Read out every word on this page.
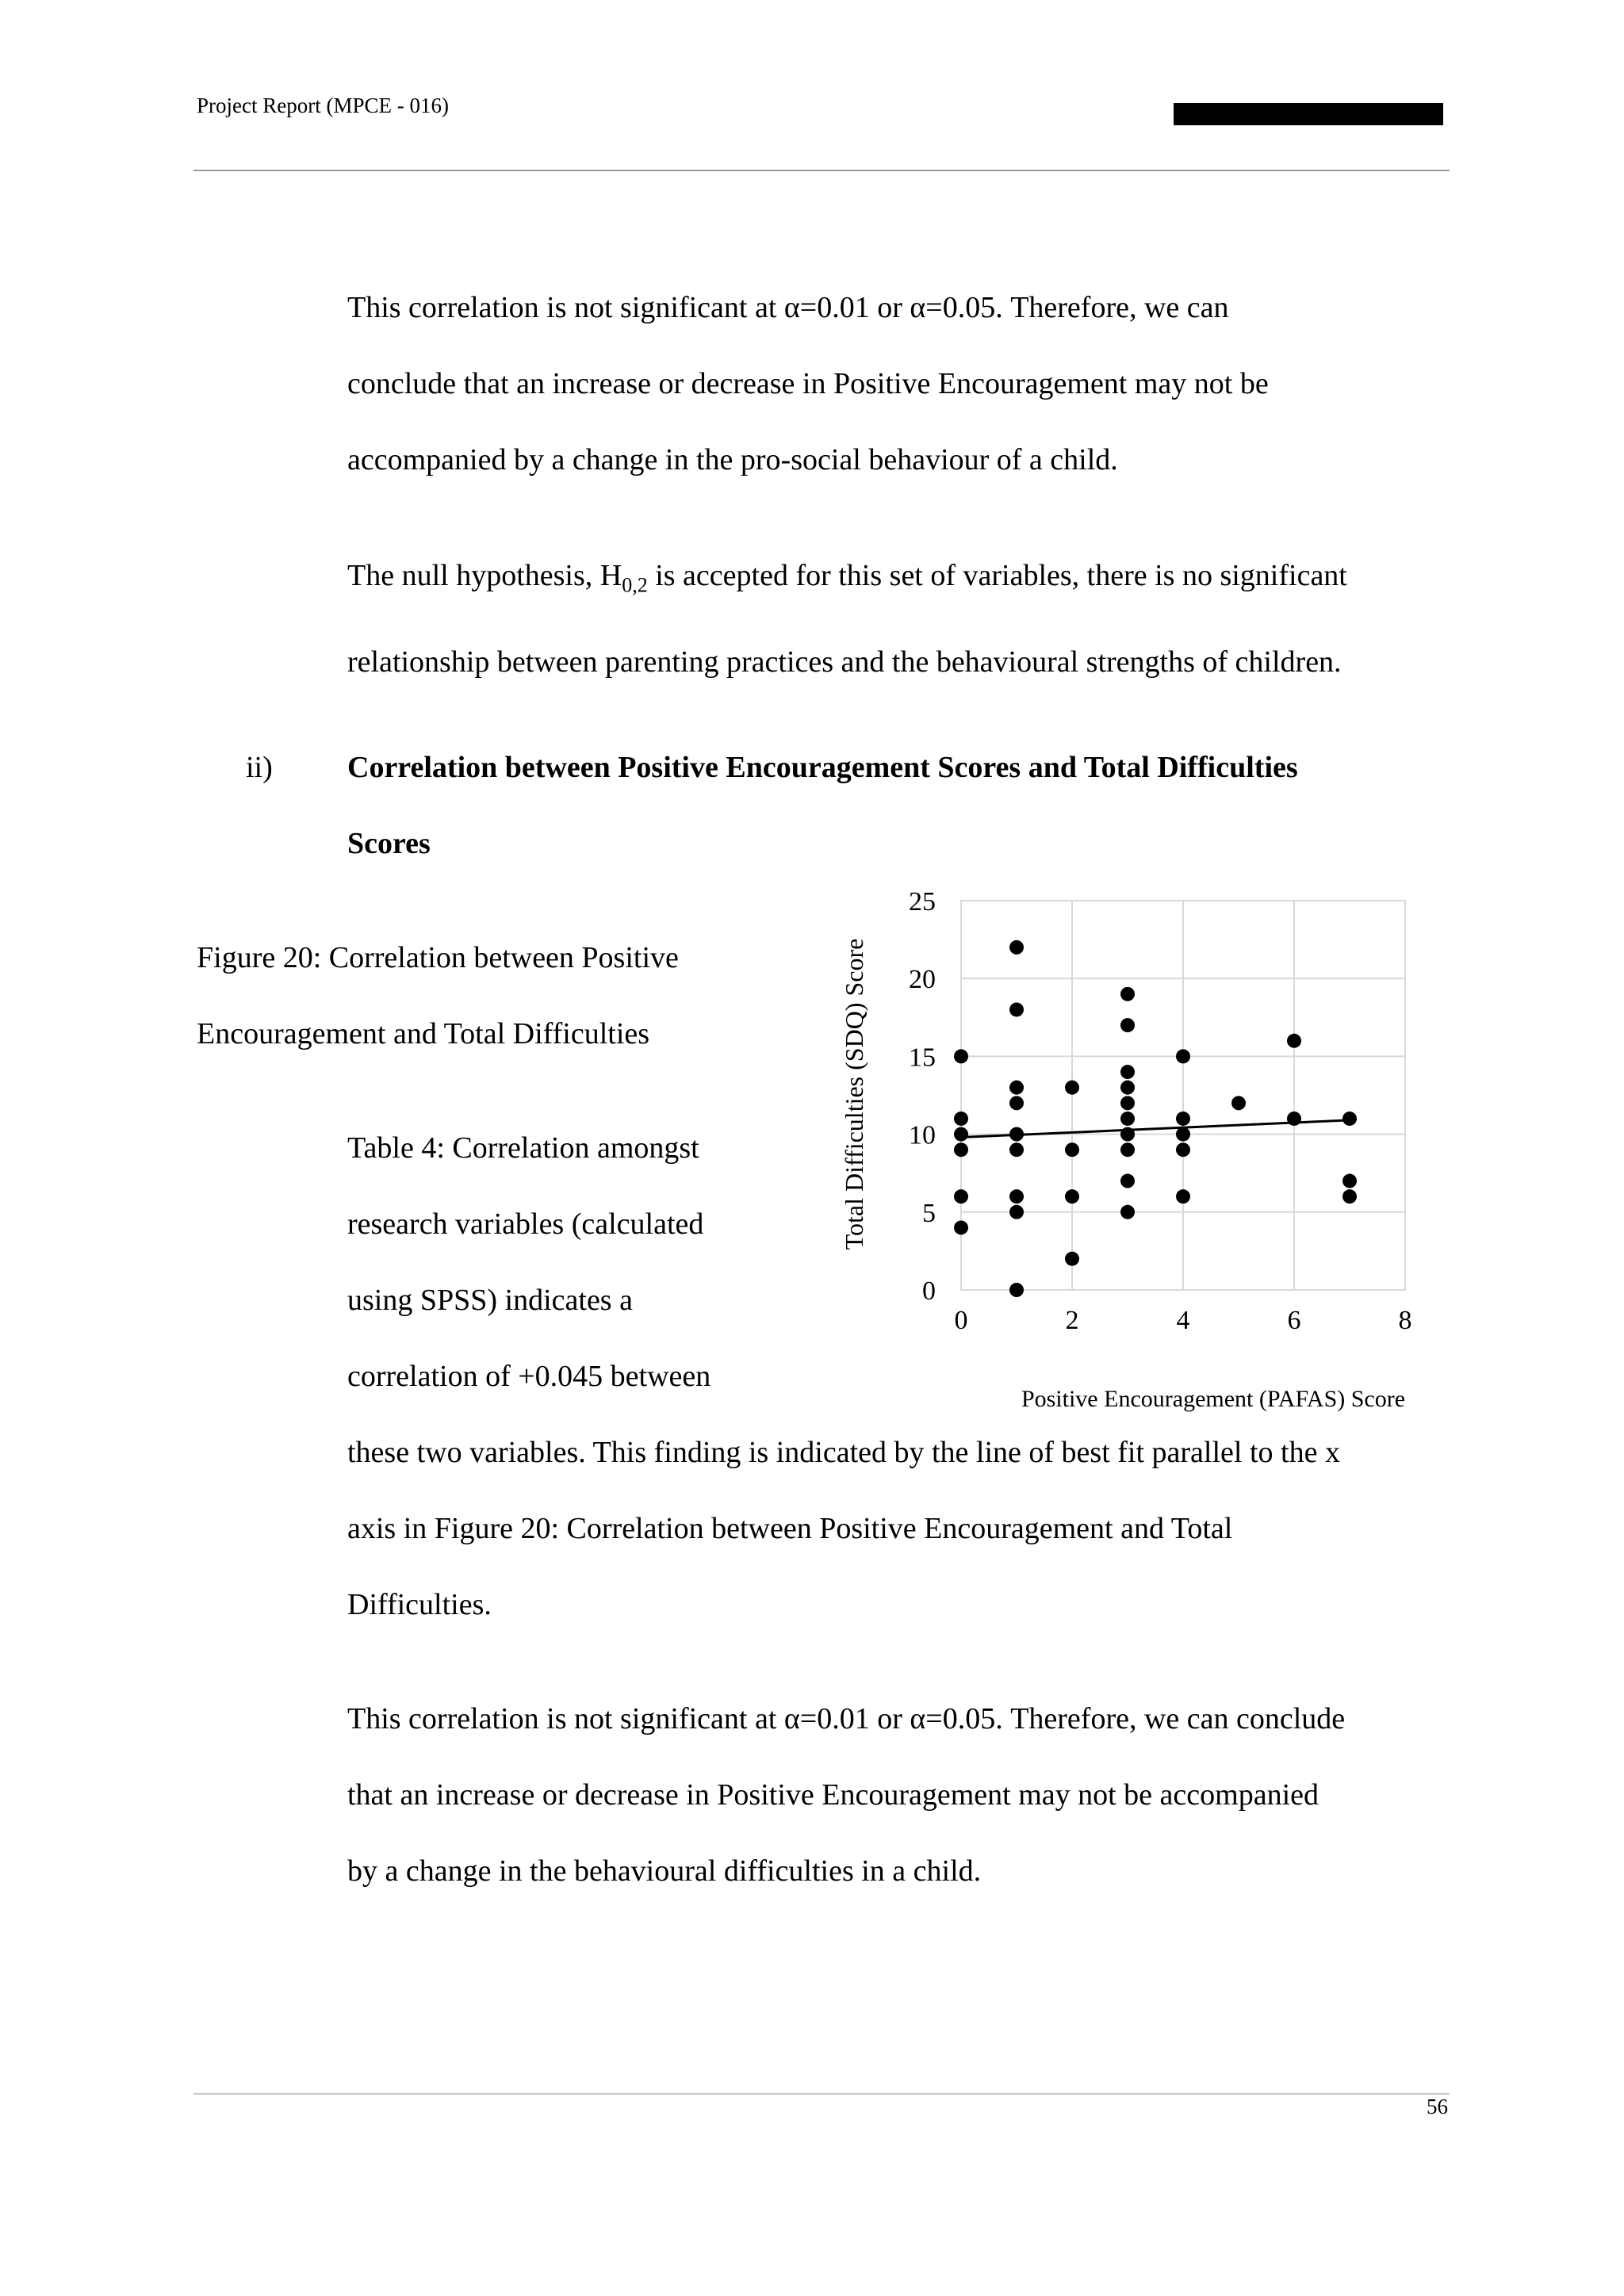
Project Report (MPCE - 016)

This correlation is not significant at α=0.01 or α=0.05. Therefore, we can

conclude that an increase or decrease in Positive Encouragement may not be

accompanied by a change in the pro-social behaviour of a child.

The null hypothesis, $H_{0,2}$ is accepted for this set of variables, there is no significant

relationship between parenting practices and the behavioural strengths of children.

ii) Correlation between Positive Encouragement Scores and Total Difficulties
Scores
Figure 20: Correlation between Positive
Encouragement and Total Difficulties
Table 4: Correlation amongst
research variables (calculated
using SPSS) indicates a
correlation of +0.045 between
0
5
10
15
20
25
0	2	4	6	8
Positive Encouragement (PAFAS) Score
Total Difficulties (SDQ) Score

these two variables. This finding is indicated by the line of best fit parallel to the x

axis in Figure 20: Correlation between Positive Encouragement and Total

Difficulties.

This correlation is not significant at α=0.01 or α=0.05. Therefore, we can conclude

that an increase or decrease in Positive Encouragement may not be accompanied

by a change in the behavioural difficulties in a child.

56
